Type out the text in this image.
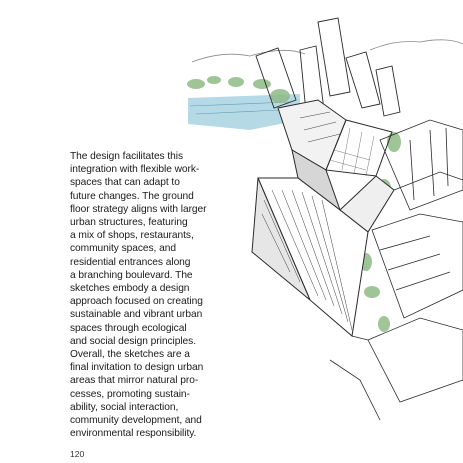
The design facilitates this
integration with flexible work-
spaces that can adapt to
future changes. The ground
floor strategy aligns with larger
urban structures, featuring
a mix of shops, restaurants,
community spaces, and
residential entrances along
a branching boulevard. The
sketches embody a design
approach focused on creating
sustainable and vibrant urban
spaces through ecological
and social design principles.
Overall, the sketches are a
final invitation to design urban
areas that mirror natural pro-
cesses, promoting sustain-
ability, social interaction,
community development, and
environmental responsibility.

120
